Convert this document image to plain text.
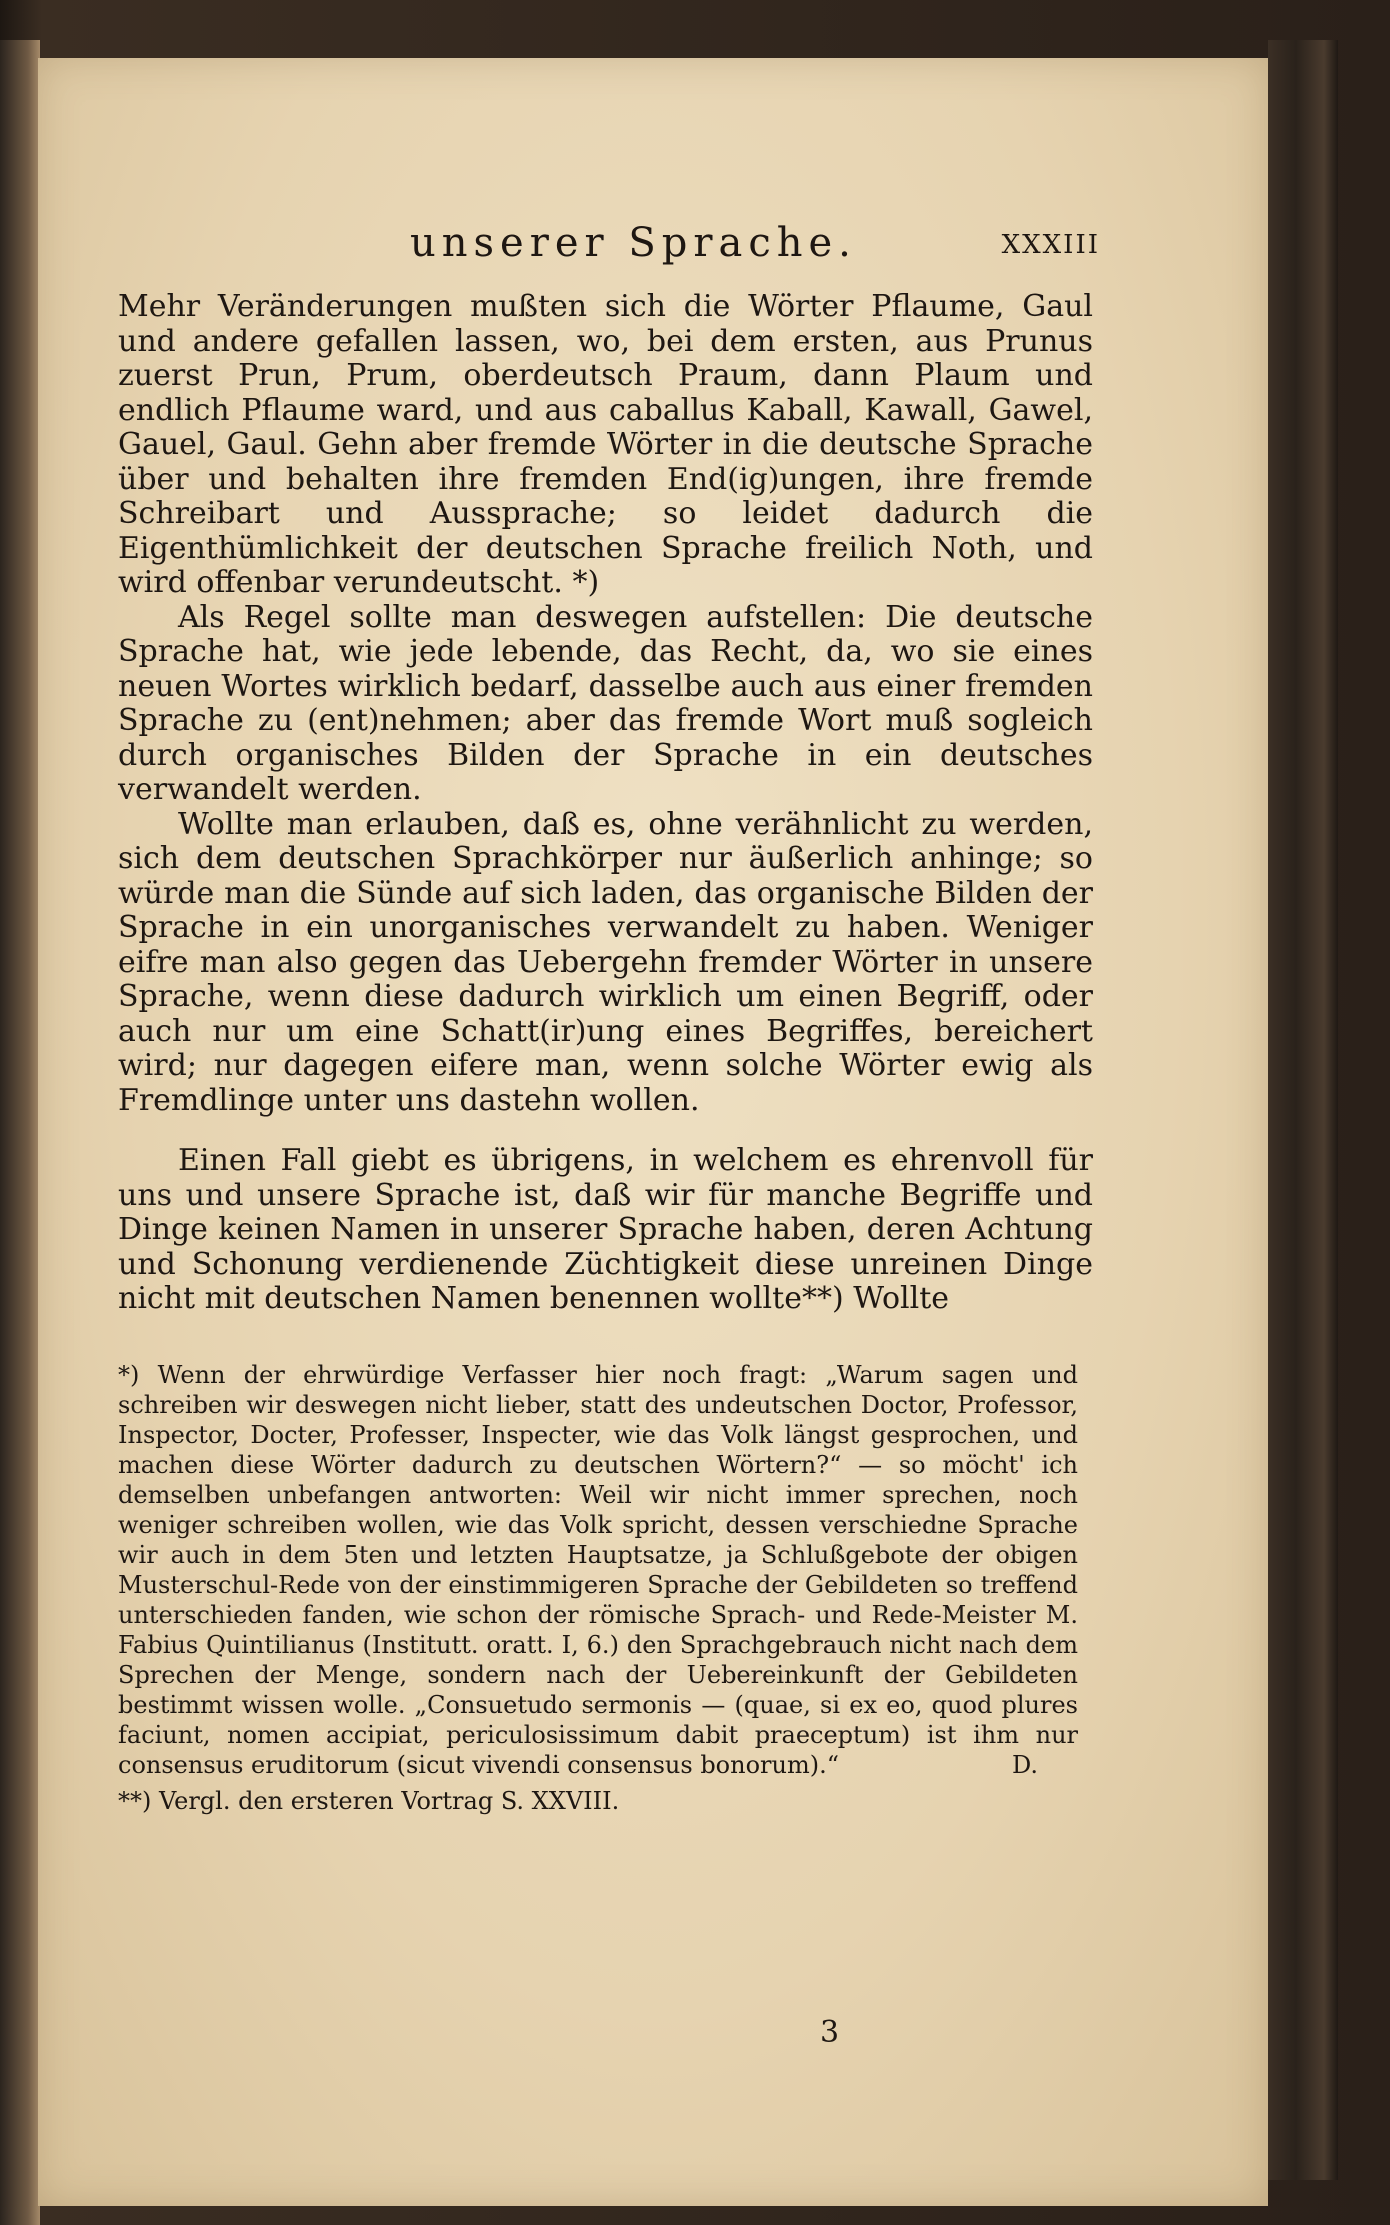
unserer Sprache.	XXXIII

Mehr Veränderungen mußten sich die Wörter Pflaume, Gaul und andere gefallen lassen, wo, bei dem ersten, aus Prunus zuerst Prun, Prum, oberdeutsch Praum, dann Plaum und endlich Pflaume ward, und aus caballus Kaball, Kawall, Gawel, Gauel, Gaul. Gehn aber fremde Wörter in die deutsche Sprache über und behalten ihre fremden End(ig)ungen, ihre fremde Schreibart und Aussprache; so leidet dadurch die Eigenthümlichkeit der deutschen Sprache freilich Noth, und wird offenbar verundeutscht. *)

Als Regel sollte man deswegen aufstellen: Die deutsche Sprache hat, wie jede lebende, das Recht, da, wo sie eines neuen Wortes wirklich bedarf, dasselbe auch aus einer fremden Sprache zu (ent)nehmen; aber das fremde Wort muß sogleich durch organisches Bilden der Sprache in ein deutsches verwandelt werden.

Wollte man erlauben, daß es, ohne verähnlicht zu werden, sich dem deutschen Sprachkörper nur äußerlich anhinge; so würde man die Sünde auf sich laden, das organische Bilden der Sprache in ein unorganisches verwandelt zu haben. Weniger eifre man also gegen das Uebergehn fremder Wörter in unsere Sprache, wenn diese dadurch wirklich um einen Begriff, oder auch nur um eine Schatt(ir)ung eines Begriffes, bereichert wird; nur dagegen eifere man, wenn solche Wörter ewig als Fremdlinge unter uns dastehn wollen.

Einen Fall giebt es übrigens, in welchem es ehrenvoll für uns und unsere Sprache ist, daß wir für manche Begriffe und Dinge keinen Namen in unserer Sprache haben, deren Achtung und Schonung verdienende Züchtigkeit diese unreinen Dinge nicht mit deutschen Namen benennen wollte**) Wollte

*) Wenn der ehrwürdige Verfasser hier noch fragt: „Warum sagen und schreiben wir deswegen nicht lieber, statt des undeutschen Doctor, Professor, Inspector, Docter, Professer, Inspecter, wie das Volk längst gesprochen, und machen diese Wörter dadurch zu deutschen Wörtern?“ — so möcht' ich demselben unbefangen antworten: Weil wir nicht immer sprechen, noch weniger schreiben wollen, wie das Volk spricht, dessen verschiedne Sprache wir auch in dem 5ten und letzten Hauptsatze, ja Schlußgebote der obigen Musterschul-Rede von der einstimmigeren Sprache der Gebildeten so treffend unterschieden fanden, wie schon der römische Sprach- und Rede-Meister M. Fabius Quintilianus (Institutt. oratt. I, 6.) den Sprachgebrauch nicht nach dem Sprechen der Menge, sondern nach der Uebereinkunft der Gebildeten bestimmt wissen wolle. „Consuetudo sermonis — (quae, si ex eo, quod plures faciunt, nomen accipiat, periculosissimum dabit praeceptum) ist ihm nur consensus eruditorum (sicut vivendi consensus bonorum).“	D.

**) Vergl. den ersteren Vortrag S. XXVIII.

3
